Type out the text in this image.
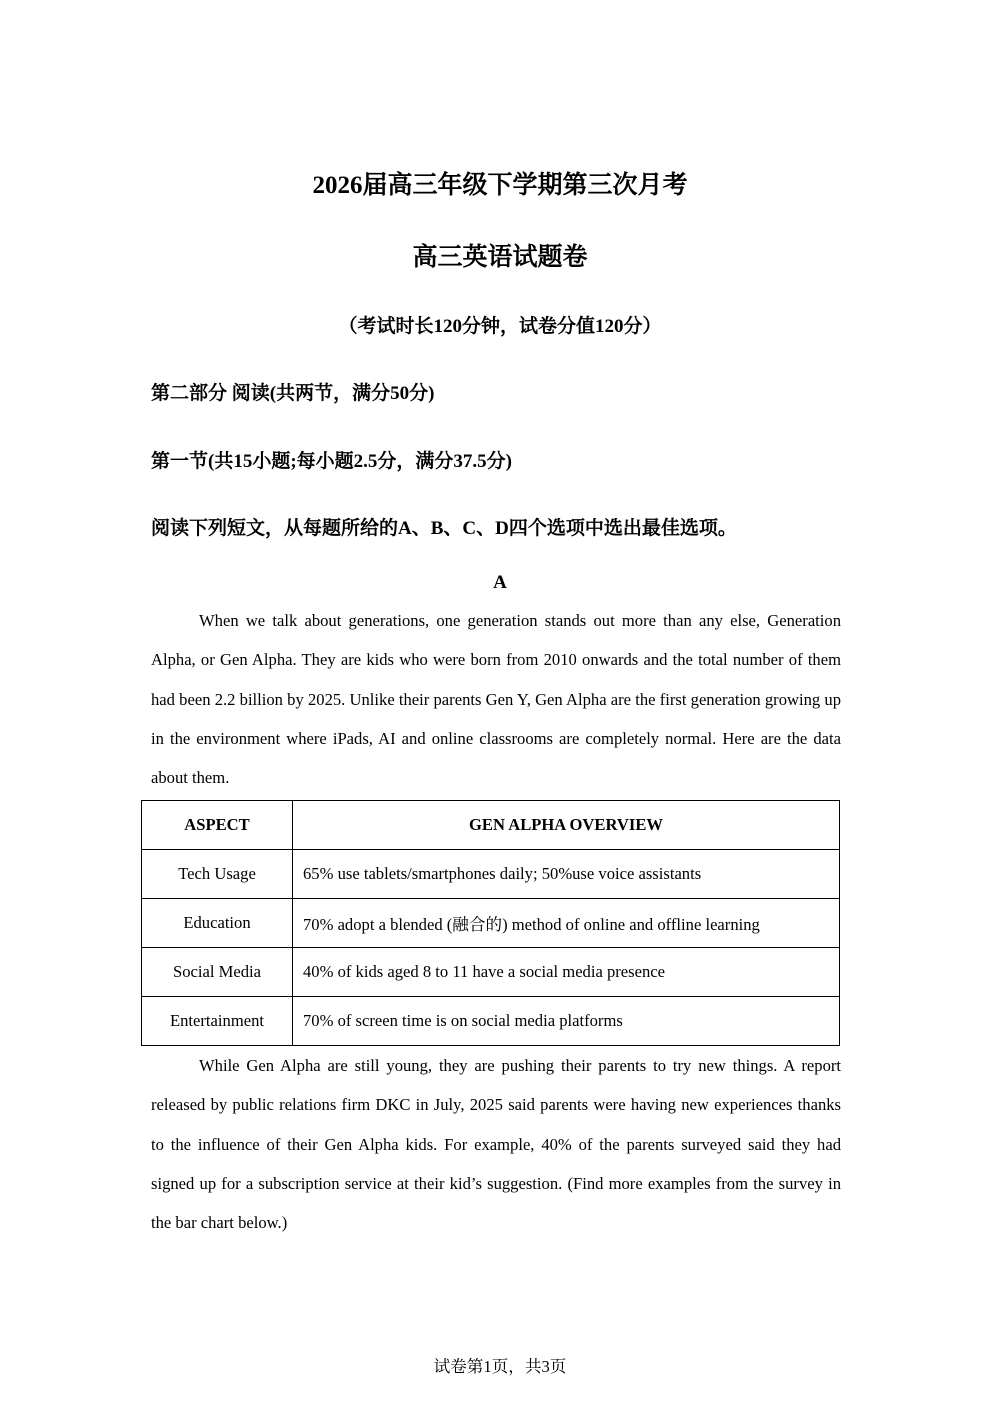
2026届高三年级下学期第三次月考
高三英语试题卷
（考试时长120分钟，试卷分值120分）
第二部分 阅读(共两节，满分50分)
第一节(共15小题;每小题2.5分，满分37.5分)
阅读下列短文，从每题所给的A、B、C、D四个选项中选出最佳选项。
A

When we talk about generations, one generation stands out more than any else, Generation Alpha, or Gen Alpha. They are kids who were born from 2010 onwards and the total number of them had been 2.2 billion by 2025. Unlike their parents Gen Y, Gen Alpha are the first generation growing up in the environment where iPads, AI and online classrooms are completely normal. Here are the data about them.

ASPECT	GEN ALPHA OVERVIEW
Tech Usage	65% use tablets/smartphones daily; 50%use voice assistants
Education	70% adopt a blended (融合的) method of online and offline learning
Social Media	40% of kids aged 8 to 11 have a social media presence
Entertainment	70% of screen time is on social media platforms

While Gen Alpha are still young, they are pushing their parents to try new things. A report released by public relations firm DKC in July, 2025 said parents were having new experiences thanks to the influence of their Gen Alpha kids. For example, 40% of the parents surveyed said they had signed up for a subscription service at their kid’s suggestion. (Find more examples from the survey in the bar chart below.)

试卷第1页，共3页
